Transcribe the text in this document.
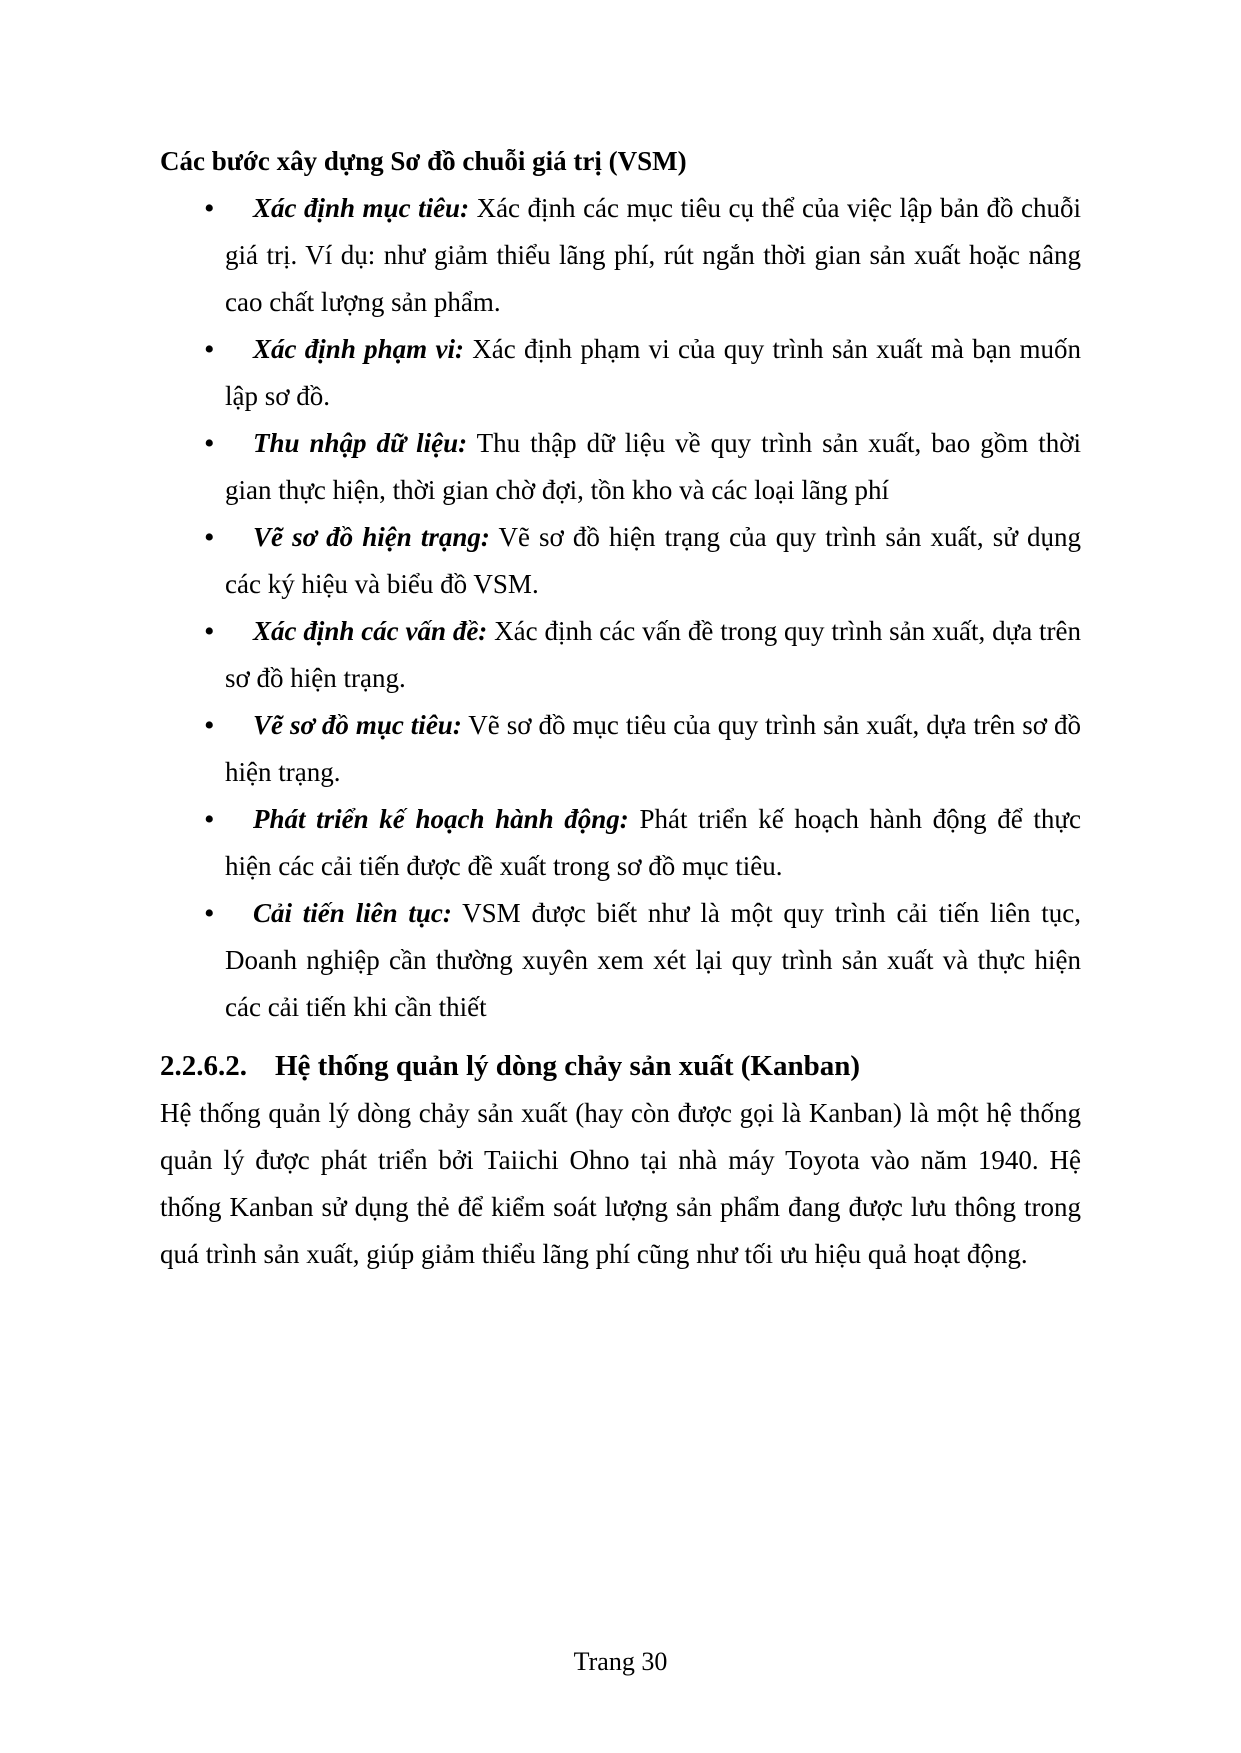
Các bước xây dựng Sơ đồ chuỗi giá trị (VSM)
• Xác định mục tiêu: Xác định các mục tiêu cụ thể của việc lập bản đồ chuỗi giá trị. Ví dụ: như giảm thiểu lãng phí, rút ngắn thời gian sản xuất hoặc nâng cao chất lượng sản phẩm.
• Xác định phạm vi: Xác định phạm vi của quy trình sản xuất mà bạn muốn lập sơ đồ.
• Thu nhập dữ liệu: Thu thập dữ liệu về quy trình sản xuất, bao gồm thời gian thực hiện, thời gian chờ đợi, tồn kho và các loại lãng phí
• Vẽ sơ đồ hiện trạng: Vẽ sơ đồ hiện trạng của quy trình sản xuất, sử dụng các ký hiệu và biểu đồ VSM.
• Xác định các vấn đề: Xác định các vấn đề trong quy trình sản xuất, dựa trên sơ đồ hiện trạng.
• Vẽ sơ đồ mục tiêu: Vẽ sơ đồ mục tiêu của quy trình sản xuất, dựa trên sơ đồ hiện trạng.
• Phát triển kế hoạch hành động: Phát triển kế hoạch hành động để thực hiện các cải tiến được đề xuất trong sơ đồ mục tiêu.
• Cải tiến liên tục: VSM được biết như là một quy trình cải tiến liên tục, Doanh nghiệp cần thường xuyên xem xét lại quy trình sản xuất và thực hiện các cải tiến khi cần thiết
2.2.6.2. Hệ thống quản lý dòng chảy sản xuất (Kanban)

Hệ thống quản lý dòng chảy sản xuất (hay còn được gọi là Kanban) là một hệ thống quản lý được phát triển bởi Taiichi Ohno tại nhà máy Toyota vào năm 1940. Hệ thống Kanban sử dụng thẻ để kiểm soát lượng sản phẩm đang được lưu thông trong quá trình sản xuất, giúp giảm thiểu lãng phí cũng như tối ưu hiệu quả hoạt động.

Trang 30
